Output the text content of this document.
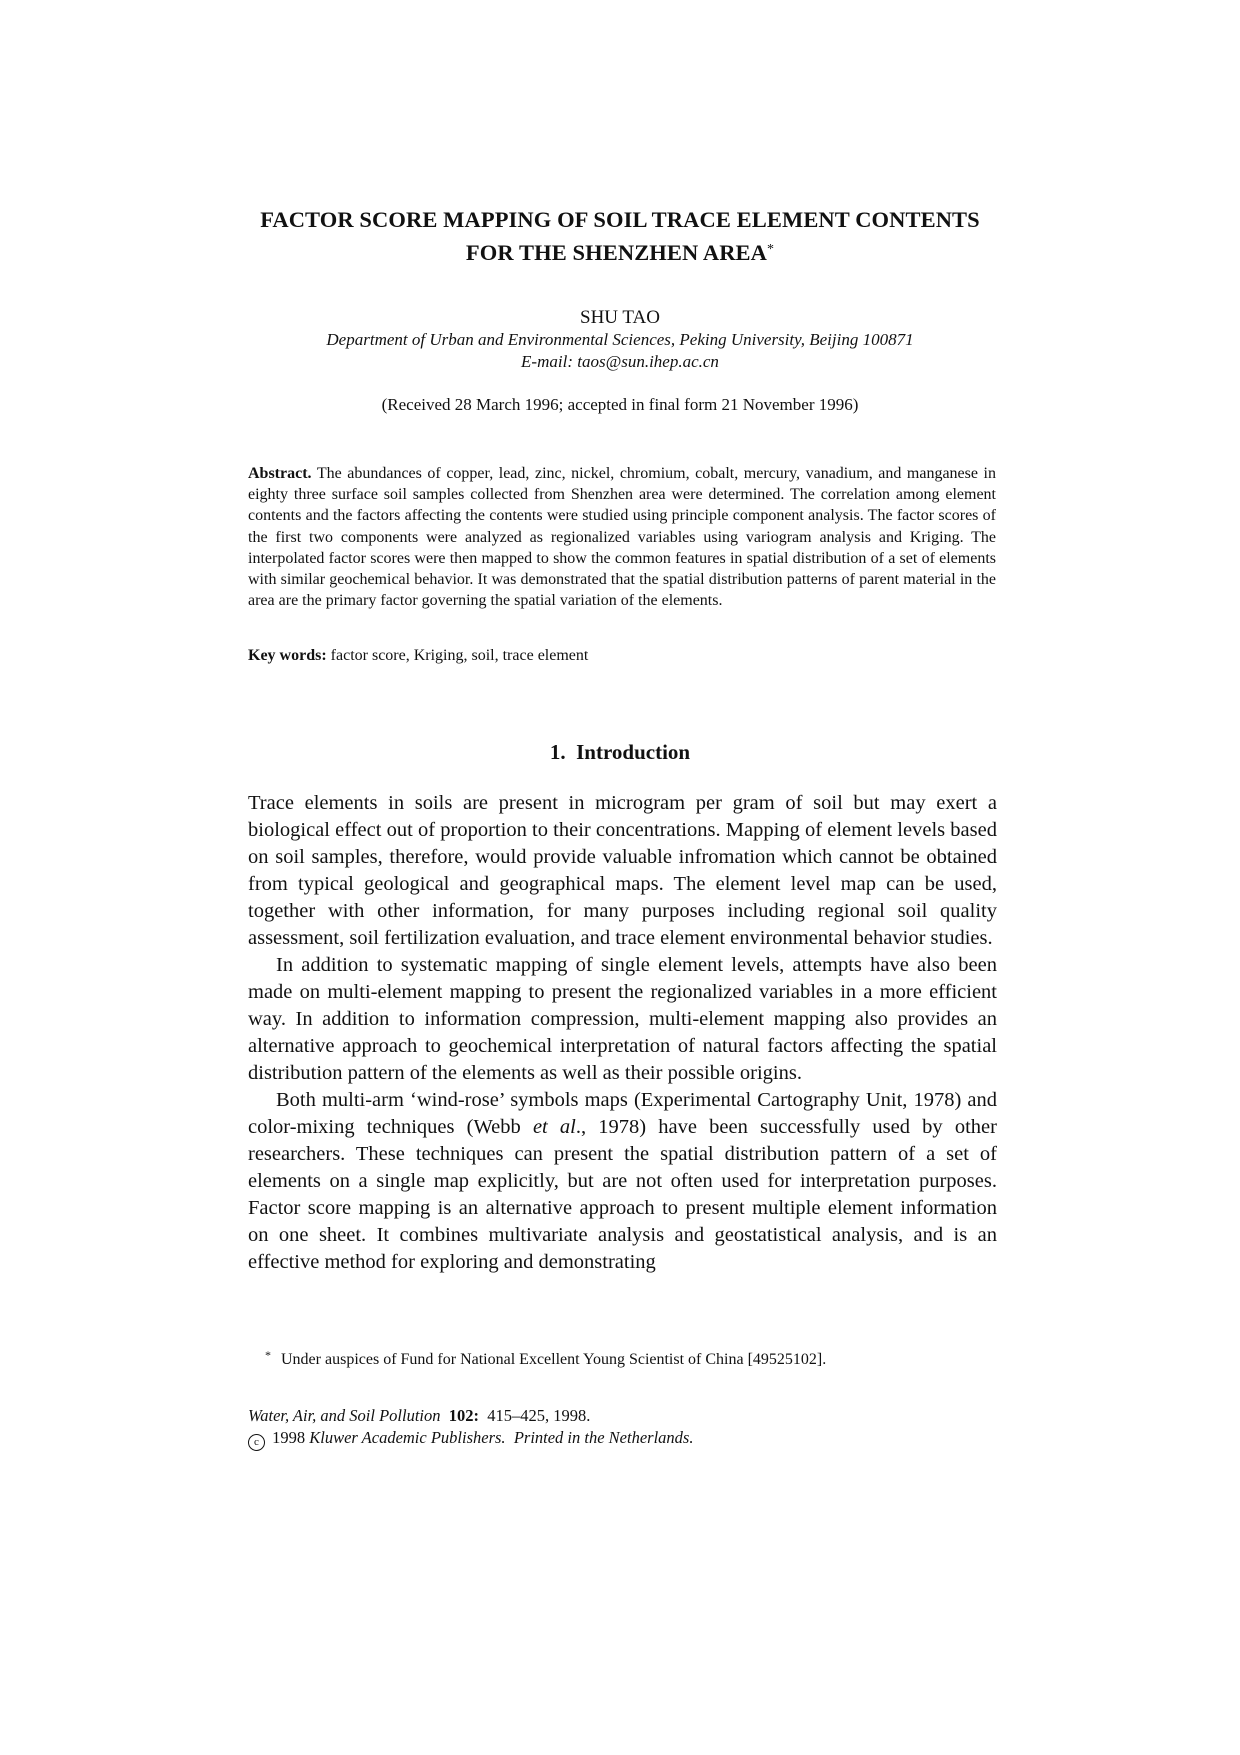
FACTOR SCORE MAPPING OF SOIL TRACE ELEMENT CONTENTS
FOR THE SHENZHEN AREA*
SHU TAO
Department of Urban and Environmental Sciences, Peking University, Beijing 100871
E-mail: taos@sun.ihep.ac.cn
(Received 28 March 1996; accepted in final form 21 November 1996)
Abstract. The abundances of copper, lead, zinc, nickel, chromium, cobalt, mercury, vanadium, and manganese in eighty three surface soil samples collected from Shenzhen area were determined. The correlation among element contents and the factors affecting the contents were studied using principle component analysis. The factor scores of the first two components were analyzed as regionalized variables using variogram analysis and Kriging. The interpolated factor scores were then mapped to show the common features in spatial distribution of a set of elements with similar geochemical behavior. It was demonstrated that the spatial distribution patterns of parent material in the area are the primary factor governing the spatial variation of the elements.
Key words: factor score, Kriging, soil, trace element
1. Introduction

Trace elements in soils are present in microgram per gram of soil but may exert a biological effect out of proportion to their concentrations. Mapping of element levels based on soil samples, therefore, would provide valuable infromation which cannot be obtained from typical geological and geographical maps. The element level map can be used, together with other information, for many purposes including regional soil quality assessment, soil fertilization evaluation, and trace element environmental behavior studies.

In addition to systematic mapping of single element levels, attempts have also been made on multi-element mapping to present the regionalized variables in a more efficient way. In addition to information compression, multi-element mapping also provides an alternative approach to geochemical interpretation of natural factors affecting the spatial distribution pattern of the elements as well as their possible origins.

Both multi-arm ‘wind-rose’ symbols maps (Experimental Cartography Unit, 1978) and color-mixing techniques (Webb et al., 1978) have been successfully used by other researchers. These techniques can present the spatial distribution pattern of a set of elements on a single map explicitly, but are not often used for interpretation purposes. Factor score mapping is an alternative approach to present multiple element information on one sheet. It combines multivariate analysis and geostatistical analysis, and is an effective method for exploring and demonstrating

* Under auspices of Fund for National Excellent Young Scientist of China [49525102].
Water, Air, and Soil Pollution 102: 415–425, 1998.
c 1998 Kluwer Academic Publishers. Printed in the Netherlands.
